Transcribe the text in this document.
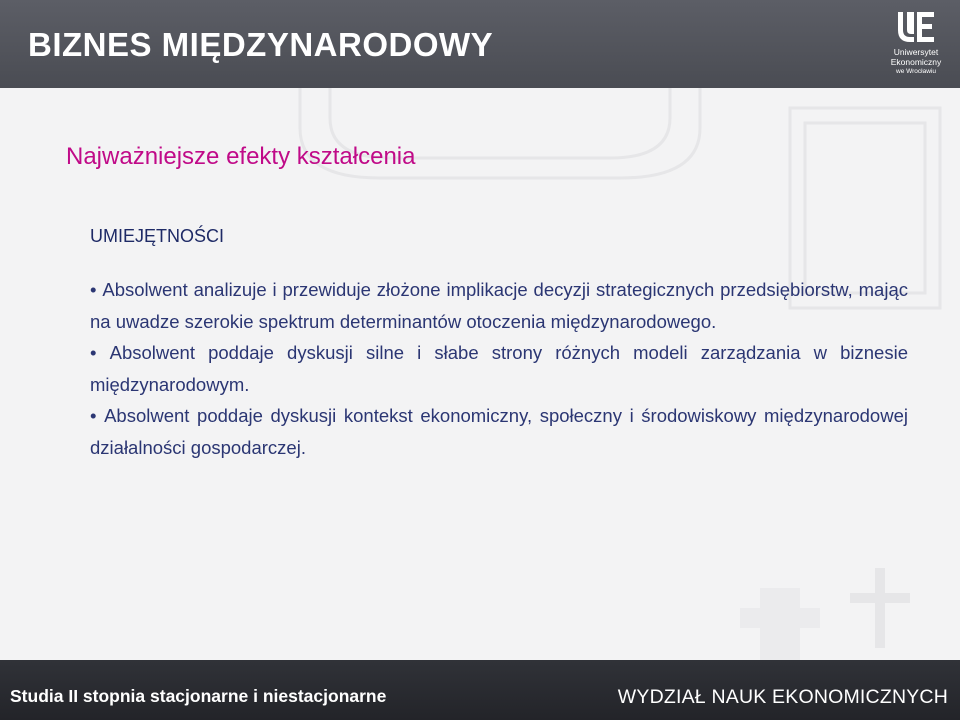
BIZNES MIĘDZYNARODOWY	Uniwersytet
Ekonomiczny
we Wrocławiu
Najważniejsze efekty kształcenia
UMIEJĘTNOŚCI
• Absolwent analizuje i przewiduje złożone implikacje decyzji strategicznych przedsiębiorstw, mając na uwadze szerokie spektrum determinantów otoczenia międzynarodowego.
• Absolwent poddaje dyskusji silne i słabe strony różnych modeli zarządzania w biznesie międzynarodowym.
• Absolwent poddaje dyskusji kontekst ekonomiczny, społeczny i środowiskowy międzynarodowej działalności gospodarczej.
Studia II stopnia stacjonarne i niestacjonarne	WYDZIAŁ NAUK EKONOMICZNYCH
